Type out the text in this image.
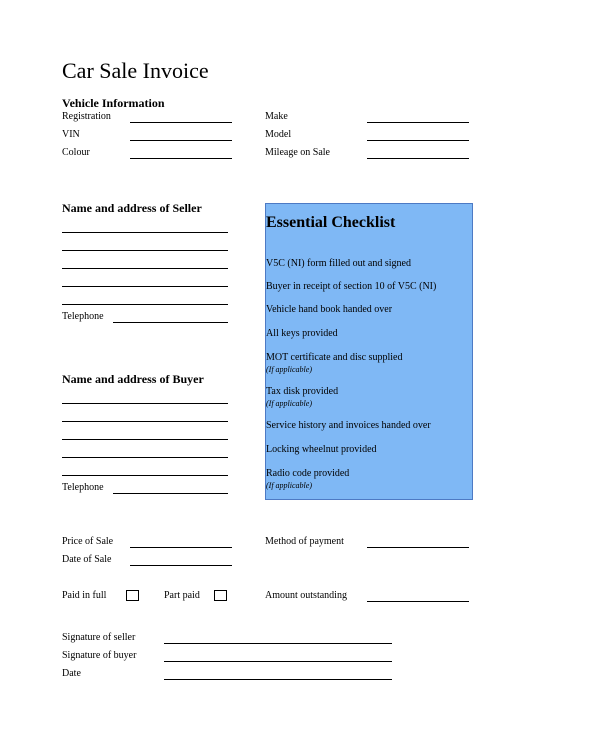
Car Sale Invoice
Vehicle Information
Registration
VIN
Colour
Make
Model
Mileage on Sale
Name and address of Seller
Telephone
Name and address of Buyer
Telephone
Essential Checklist
V5C (NI) form filled out and signed
Buyer in receipt of section 10 of V5C (NI)
Vehicle hand book handed over
All keys provided
MOT certificate and disc supplied
(If applicable)
Tax disk provided
(If applicable)
Service history and invoices handed over
Locking wheelnut provided
Radio code provided
(If applicable)
Price of Sale
Date of Sale
Method of payment
Paid in full	Part paid	Amount outstanding
Signature of seller
Signature of buyer
Date
